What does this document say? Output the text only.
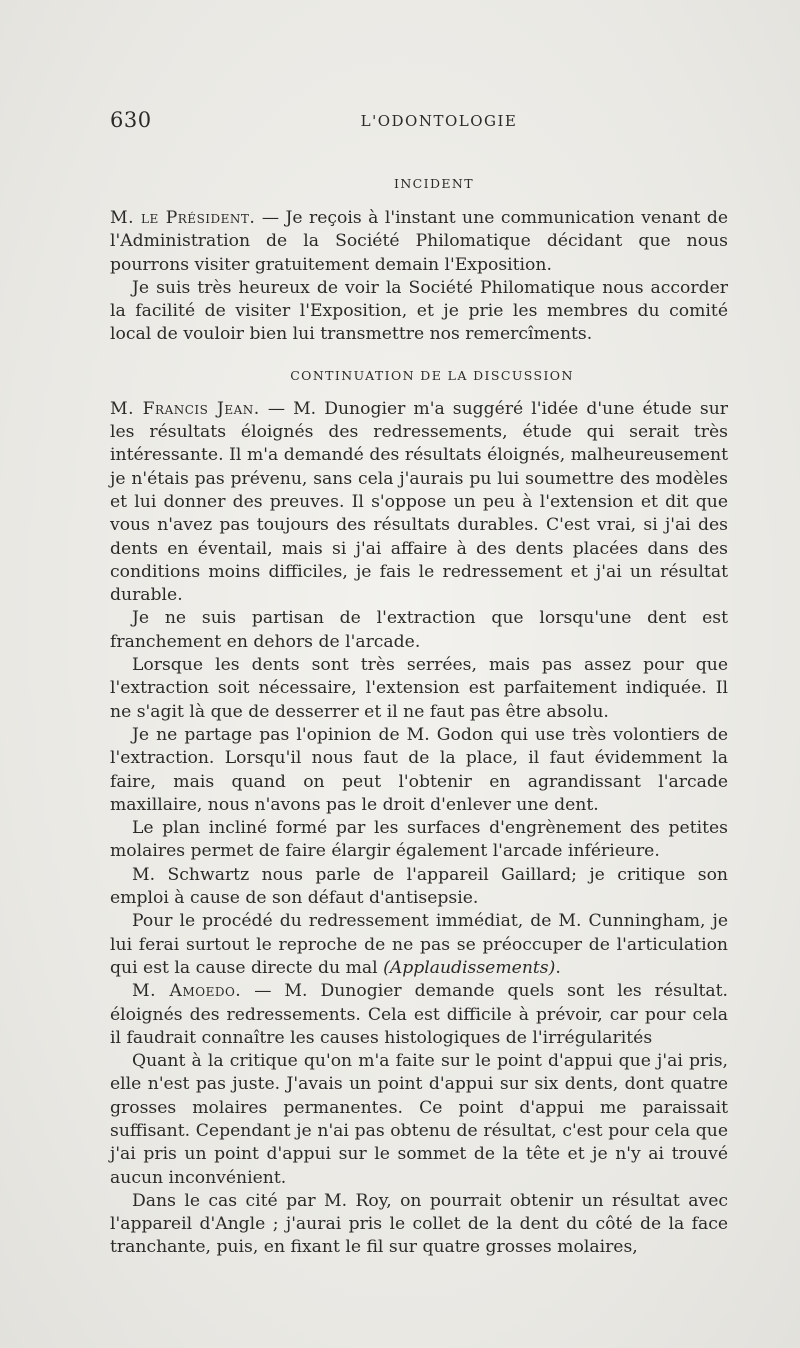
630	L'ODONTOLOGIE
INCIDENT

M. le Président. — Je reçois à l'instant une communication venant de l'Administration de la Société Philomatique décidant que nous pourrons visiter gratuitement demain l'Exposition.

Je suis très heureux de voir la Société Philomatique nous accorder la facilité de visiter l'Exposition, et je prie les membres du comité local de vouloir bien lui transmettre nos remercîments.

CONTINUATION DE LA DISCUSSION

M. Francis Jean. — M. Dunogier m'a suggéré l'idée d'une étude sur les résultats éloignés des redressements, étude qui serait très intéressante. Il m'a demandé des résultats éloignés, malheureusement je n'étais pas prévenu, sans cela j'aurais pu lui soumettre des modèles et lui donner des preuves. Il s'oppose un peu à l'extension et dit que vous n'avez pas toujours des résultats durables. C'est vrai, si j'ai des dents en éventail, mais si j'ai affaire à des dents placées dans des conditions moins difficiles, je fais le redressement et j'ai un résultat durable.

Je ne suis partisan de l'extraction que lorsqu'une dent est franchement en dehors de l'arcade.

Lorsque les dents sont très serrées, mais pas assez pour que l'extraction soit nécessaire, l'extension est parfaitement indiquée. Il ne s'agit là que de desserrer et il ne faut pas être absolu.

Je ne partage pas l'opinion de M. Godon qui use très volontiers de l'extraction. Lorsqu'il nous faut de la place, il faut évidemment la faire, mais quand on peut l'obtenir en agrandissant l'arcade maxillaire, nous n'avons pas le droit d'enlever une dent.

Le plan incliné formé par les surfaces d'engrènement des petites molaires permet de faire élargir également l'arcade inférieure.

M. Schwartz nous parle de l'appareil Gaillard; je critique son emploi à cause de son défaut d'antisepsie.

Pour le procédé du redressement immédiat, de M. Cunningham, je lui ferai surtout le reproche de ne pas se préoccuper de l'articulation qui est la cause directe du mal (Applaudissements).

M. Amoedo. — M. Dunogier demande quels sont les résultat. éloignés des redressements. Cela est difficile à prévoir, car pour cela il faudrait connaître les causes histologiques de l'irrégularités

Quant à la critique qu'on m'a faite sur le point d'appui que j'ai pris, elle n'est pas juste. J'avais un point d'appui sur six dents, dont quatre grosses molaires permanentes. Ce point d'appui me paraissait suffisant. Cependant je n'ai pas obtenu de résultat, c'est pour cela que j'ai pris un point d'appui sur le sommet de la tête et je n'y ai trouvé aucun inconvénient.

Dans le cas cité par M. Roy, on pourrait obtenir un résultat avec l'appareil d'Angle ; j'aurai pris le collet de la dent du côté de la face tranchante, puis, en fixant le fil sur quatre grosses molaires,
